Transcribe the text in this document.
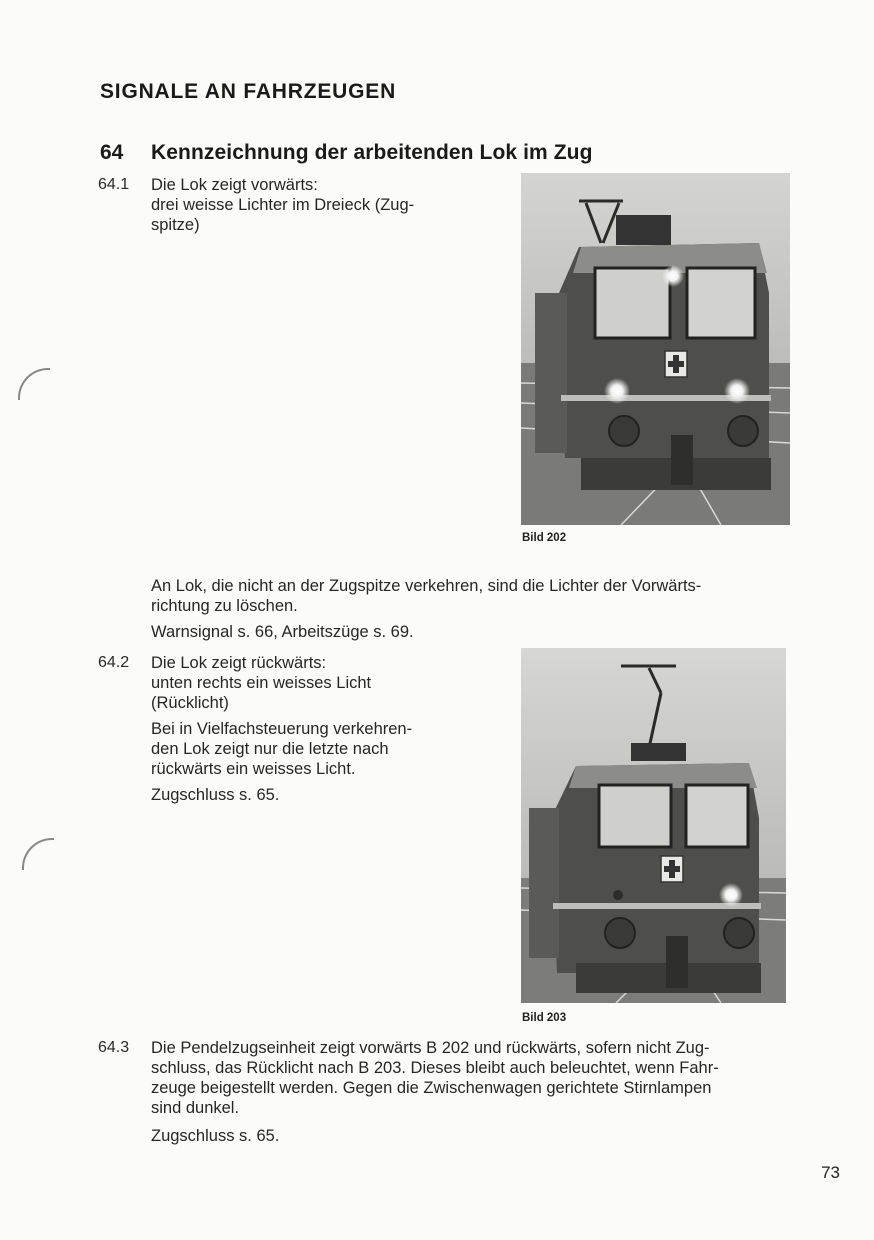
SIGNALE AN FAHRZEUGEN
64 Kennzeichnung der arbeitenden Lok im Zug
64.1 Die Lok zeigt vorwärts:
drei weisse Lichter im Dreieck (Zug-
spitze)
Bild 202
An Lok, die nicht an der Zugspitze verkehren, sind die Lichter der Vorwärts-
richtung zu löschen.
Warnsignal s. 66, Arbeitszüge s. 69.
64.2 Die Lok zeigt rückwärts:
unten rechts ein weisses Licht
(Rücklicht)
Bei in Vielfachsteuerung verkehren-
den Lok zeigt nur die letzte nach
rückwärts ein weisses Licht.
Zugschluss s. 65.
Bild 203
64.3 Die Pendelzugseinheit zeigt vorwärts B 202 und rückwärts, sofern nicht Zug-
schluss, das Rücklicht nach B 203. Dieses bleibt auch beleuchtet, wenn Fahr-
zeuge beigestellt werden. Gegen die Zwischenwagen gerichtete Stirnlampen
sind dunkel.
Zugschluss s. 65.
73
